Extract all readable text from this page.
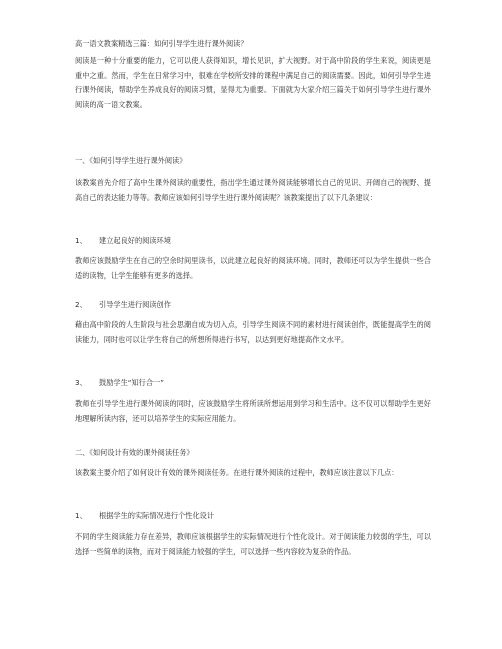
高一语文教案精选三篇：如何引导学生进行课外阅读？
阅读是一种十分重要的能力，它可以使人获得知识，增长见识，扩大视野。对于高中阶段的学生来说，阅读更是重中之重。然而，学生在日常学习中，很难在学校所安排的课程中满足自己的阅读需要。因此，如何引导学生进行课外阅读，帮助学生养成良好的阅读习惯，显得尤为重要。下面就为大家介绍三篇关于如何引导学生进行课外阅读的高一语文教案。
一、《如何引导学生进行课外阅读》
该教案首先介绍了高中生课外阅读的重要性，指出学生通过课外阅读能够增长自己的见识、开阔自己的视野、提高自己的表达能力等等。教师应该如何引导学生进行课外阅读呢？该教案提出了以下几条建议：
1、 建立起良好的阅读环境
教师应该鼓励学生在自己的空余时间里读书，以此建立起良好的阅读环境。同时，教师还可以为学生提供一些合适的读物，让学生能够有更多的选择。
2、 引导学生进行阅读创作
藉由高中阶段的人生阶段与社会思潮自成为切入点，引导学生阅读不同的素材进行阅读创作，既能提高学生的阅读能力，同时也可以让学生将自己的所想所得进行书写，以达到更好地提高作文水平。
3、 鼓励学生“知行合一”
教师在引导学生进行课外阅读的同时，应该鼓励学生将所读所想运用到学习和生活中。这不仅可以帮助学生更好地理解所读内容，还可以培养学生的实际应用能力。
二、《如何设计有效的课外阅读任务》
该教案主要介绍了如何设计有效的课外阅读任务。在进行课外阅读的过程中，教师应该注意以下几点：
1、 根据学生的实际情况进行个性化设计
不同的学生阅读能力存在差异，教师应该根据学生的实际情况进行个性化设计。对于阅读能力较弱的学生，可以选择一些简单的读物，而对于阅读能力较强的学生，可以选择一些内容较为复杂的作品。
